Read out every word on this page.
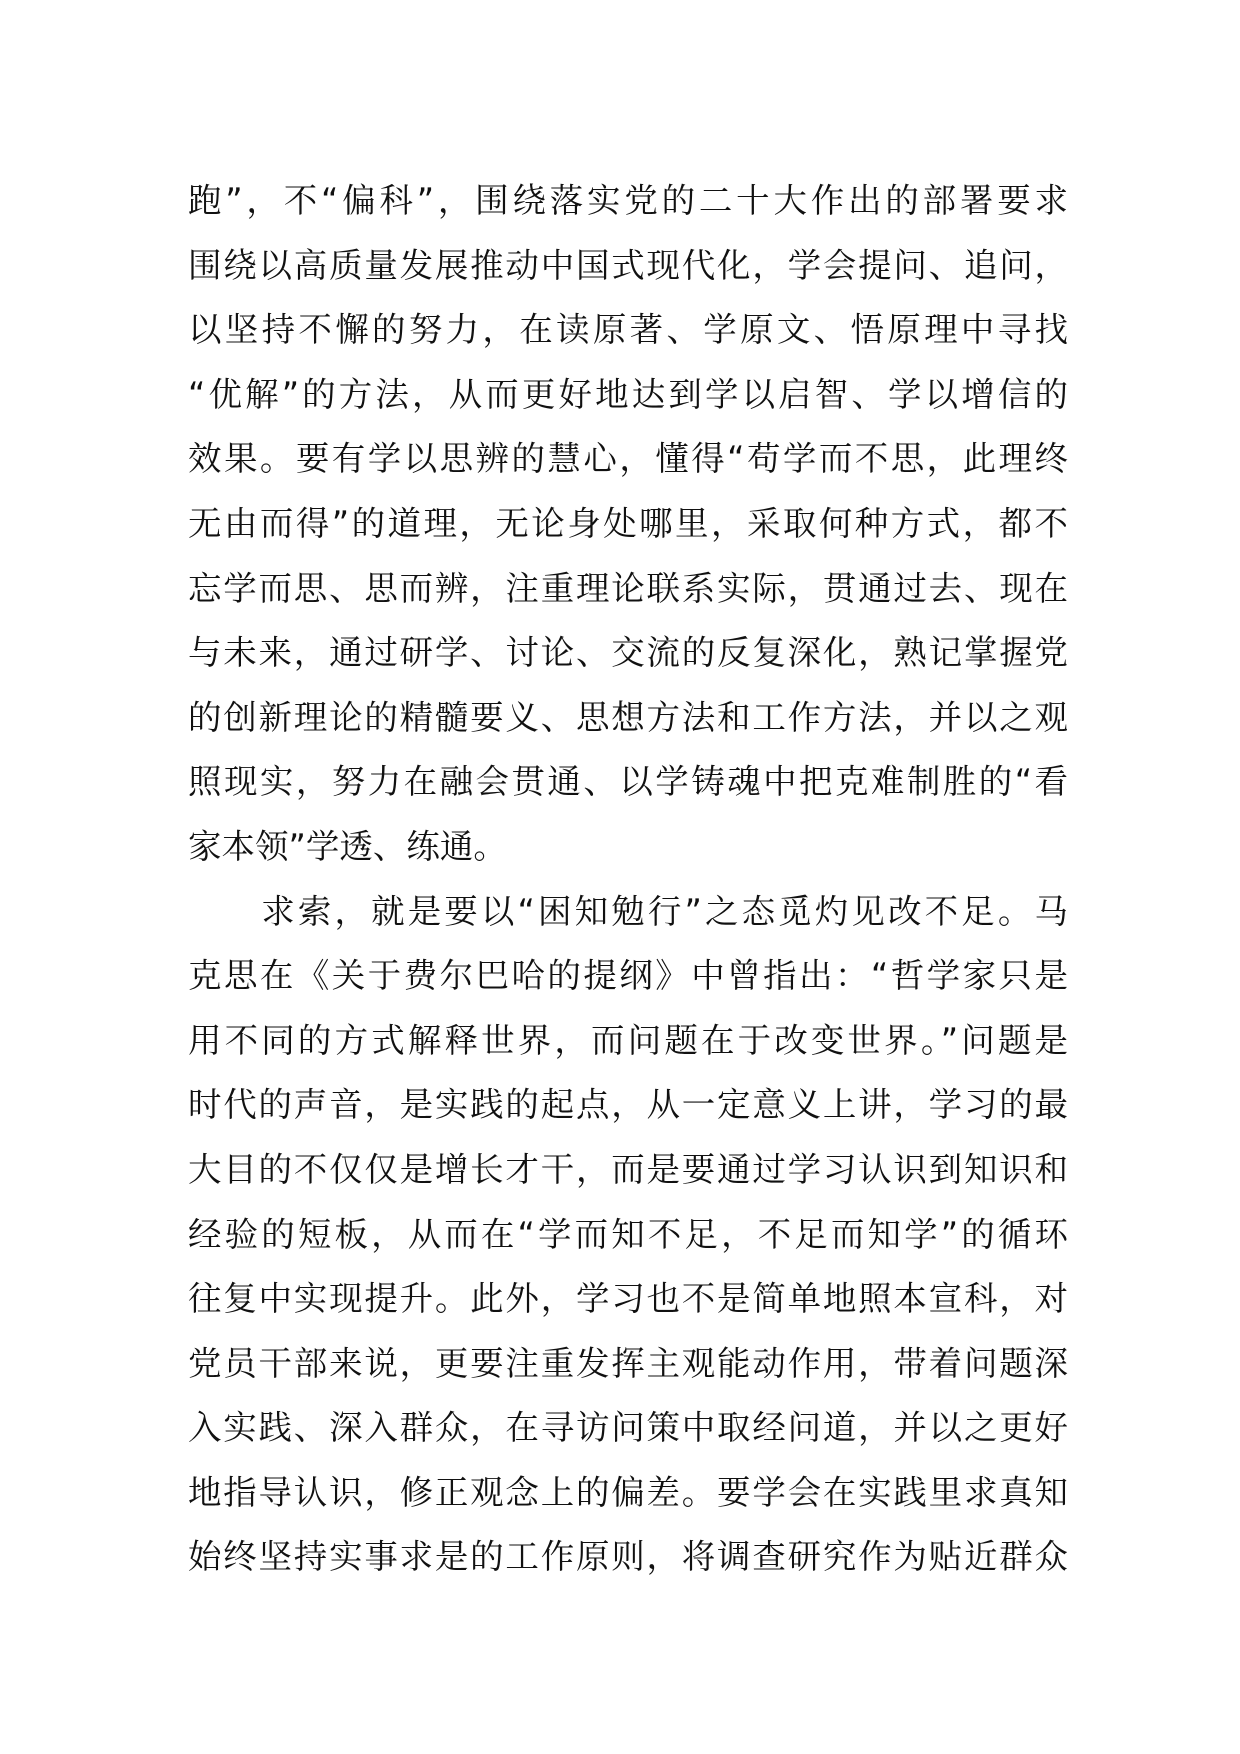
跑”，不“偏科”，围绕落实党的二十大作出的部署要求
围绕以高质量发展推动中国式现代化，学会提问、追问，
以坚持不懈的努力，在读原著、学原文、悟原理中寻找
“优解”的方法，从而更好地达到学以启智、学以增信的
效果。要有学以思辨的慧心，懂得“苟学而不思，此理终
无由而得”的道理，无论身处哪里，采取何种方式，都不
忘学而思、思而辨，注重理论联系实际，贯通过去、现在
与未来，通过研学、讨论、交流的反复深化，熟记掌握党
的创新理论的精髓要义、思想方法和工作方法，并以之观
照现实，努力在融会贯通、以学铸魂中把克难制胜的“看
家本领”学透、练通。
　　求索，就是要以“困知勉行”之态觅灼见改不足。马
克思在《关于费尔巴哈的提纲》中曾指出：“哲学家只是
用不同的方式解释世界，而问题在于改变世界。”问题是
时代的声音，是实践的起点，从一定意义上讲，学习的最
大目的不仅仅是增长才干，而是要通过学习认识到知识和
经验的短板，从而在“学而知不足，不足而知学”的循环
往复中实现提升。此外，学习也不是简单地照本宣科，对
党员干部来说，更要注重发挥主观能动作用，带着问题深
入实践、深入群众，在寻访问策中取经问道，并以之更好
地指导认识，修正观念上的偏差。要学会在实践里求真知
始终坚持实事求是的工作原则，将调查研究作为贴近群众
